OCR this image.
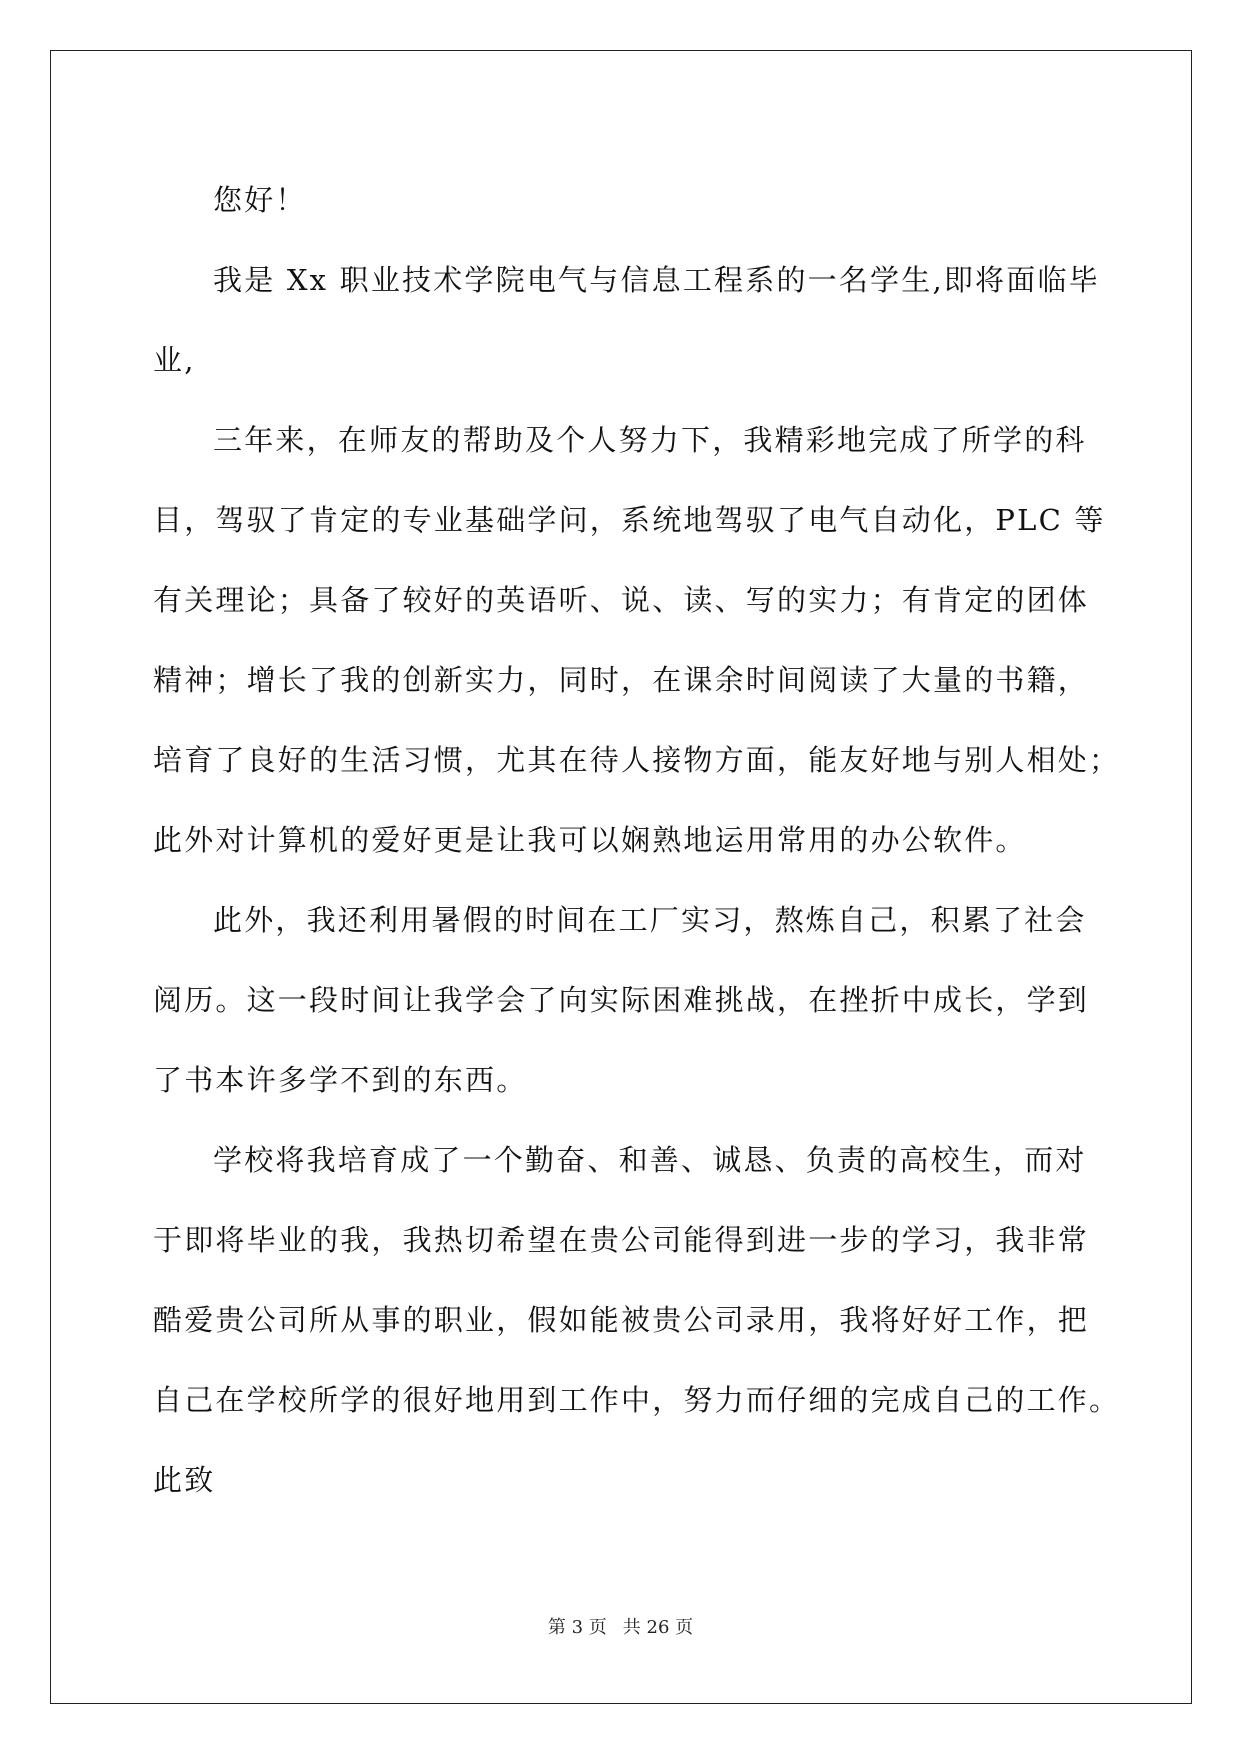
您好！
我是 Xx 职业技术学院电气与信息工程系的一名学生,即将面临毕
业,
三年来，在师友的帮助及个人努力下，我精彩地完成了所学的科
目，驾驭了肯定的专业基础学问，系统地驾驭了电气自动化，PLC 等
有关理论；具备了较好的英语听、说、读、写的实力；有肯定的团体
精神；增长了我的创新实力，同时，在课余时间阅读了大量的书籍，
培育了良好的生活习惯，尤其在待人接物方面，能友好地与别人相处；
此外对计算机的爱好更是让我可以娴熟地运用常用的办公软件。
此外，我还利用暑假的时间在工厂实习，熬炼自己，积累了社会
阅历。这一段时间让我学会了向实际困难挑战，在挫折中成长，学到
了书本许多学不到的东西。
学校将我培育成了一个勤奋、和善、诚恳、负责的高校生，而对
于即将毕业的我，我热切希望在贵公司能得到进一步的学习，我非常
酷爱贵公司所从事的职业，假如能被贵公司录用，我将好好工作，把
自己在学校所学的很好地用到工作中，努力而仔细的完成自己的工作。
此致
第 3 页 共 26 页
